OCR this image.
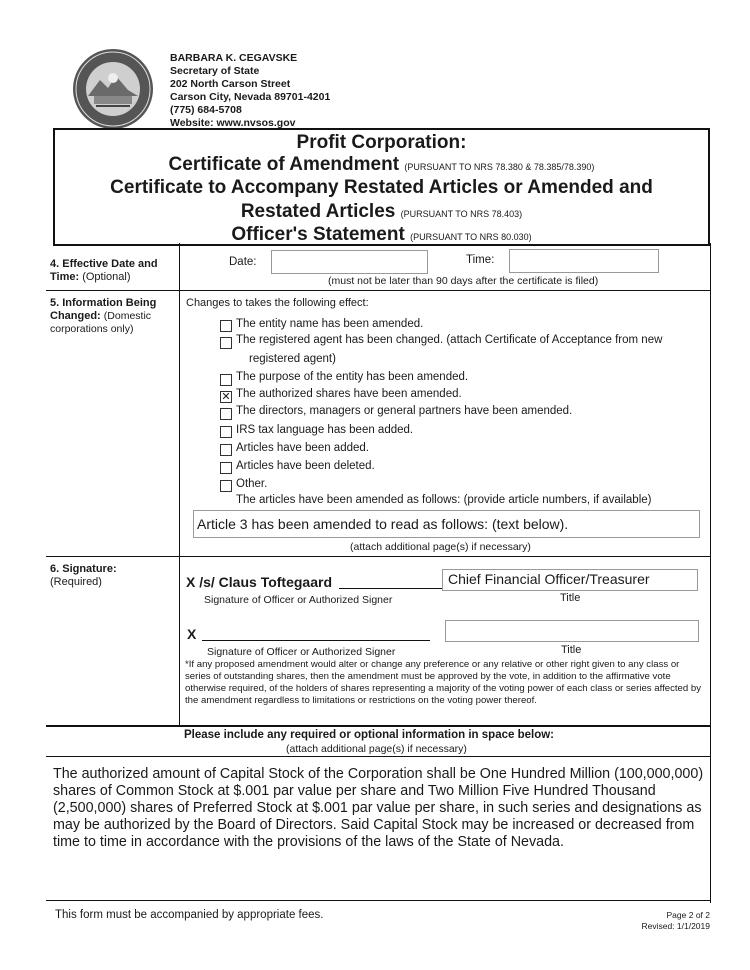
BARBARA K. CEGAVSKE
Secretary of State
202 North Carson Street
Carson City, Nevada 89701-4201
(775) 684-5708
Website: www.nvsos.gov
Profit Corporation:
Certificate of Amendment (PURSUANT TO NRS 78.380 & 78.385/78.390)
Certificate to Accompany Restated Articles or Amended and
Restated Articles (PURSUANT TO NRS 78.403)
Officer's Statement (PURSUANT TO NRS 80.030)
4. Effective Date and Time: (Optional)
Date:	Time:
(must not be later than 90 days after the certificate is filed)
5. Information Being Changed: (Domestic corporations only)
Changes to takes the following effect:
The entity name has been amended.
The registered agent has been changed. (attach Certificate of Acceptance from new
registered agent)
The purpose of the entity has been amended.
✕ The authorized shares have been amended.
The directors, managers or general partners have been amended.
IRS tax language has been added.
Articles have been added.
Articles have been deleted.
Other.
The articles have been amended as follows: (provide article numbers, if available)
Article 3 has been amended to read as follows: (text below).
(attach additional page(s) if necessary)
6. Signature:
(Required)	X /s/ Claus Toftegaard
Signature of Officer or Authorized Signer
Chief Financial Officer/Treasurer
Title
X
Signature of Officer or Authorized Signer	Title
*If any proposed amendment would alter or change any preference or any relative or other right given to any class or series of outstanding shares, then the amendment must be approved by the vote, in addition to the affirmative vote otherwise required, of the holders of shares representing a majority of the voting power of each class or series affected by the amendment regardless to limitations or restrictions on the voting power thereof.
Please include any required or optional information in space below:
(attach additional page(s) if necessary)
The authorized amount of Capital Stock of the Corporation shall be One Hundred Million (100,000,000) shares of Common Stock at $.001 par value per share and Two Million Five Hundred Thousand (2,500,000) shares of Preferred Stock at $.001 par value per share, in such series and designations as may be authorized by the Board of Directors. Said Capital Stock may be increased or decreased from time to time in accordance with the provisions of the laws of the State of Nevada.
This form must be accompanied by appropriate fees.	Page 2 of 2
Revised: 1/1/2019
